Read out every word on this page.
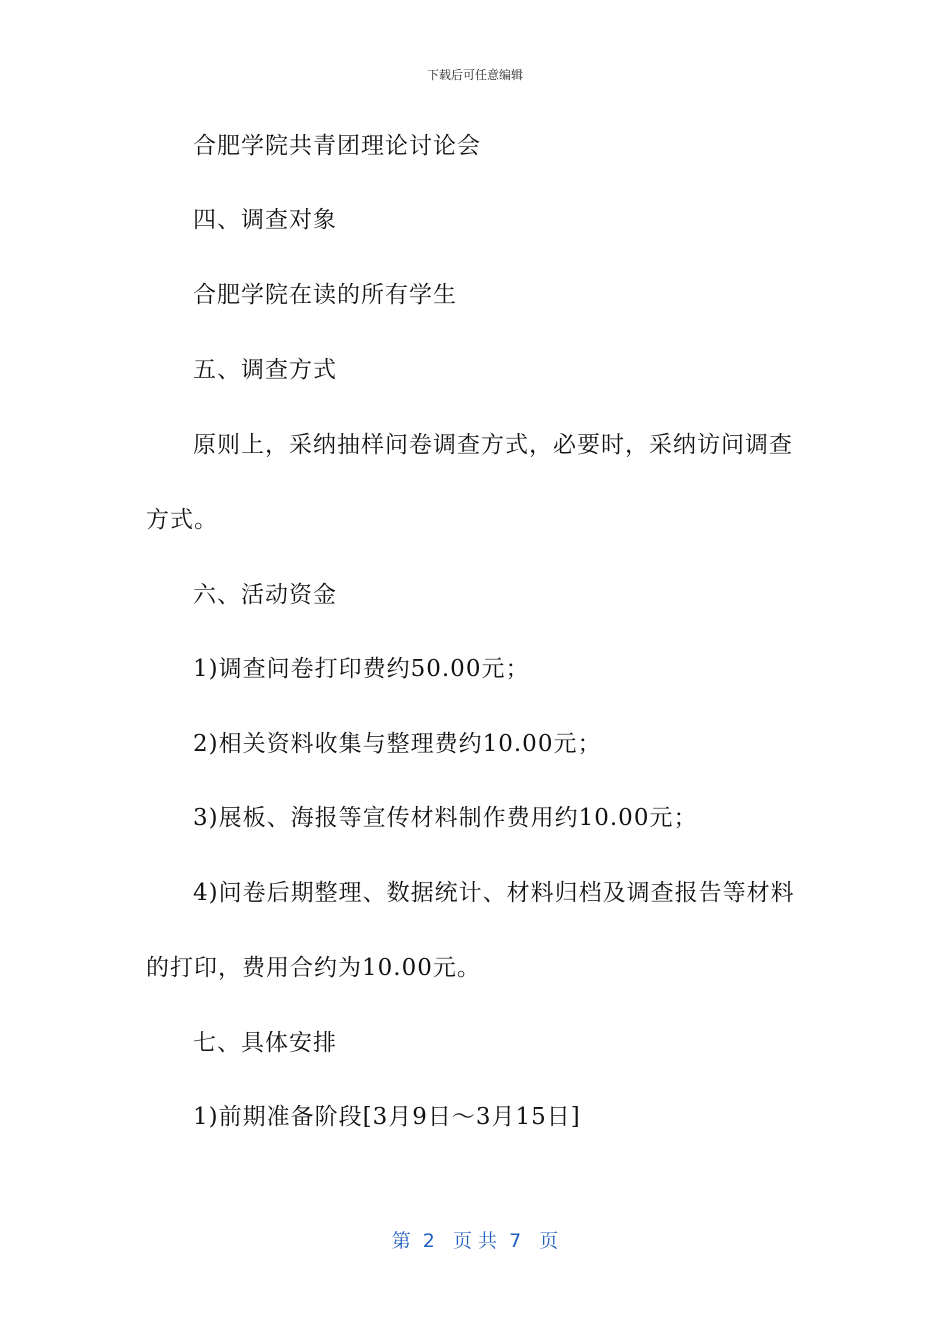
下载后可任意编辑
合肥学院共青团理论讨论会
四、调查对象
合肥学院在读的所有学生
五、调查方式
原则上，采纳抽样问卷调查方式，必要时，采纳访问调查
方式。
六、活动资金
1)调查问卷打印费约50.00元；
2)相关资料收集与整理费约10.00元；
3)展板、海报等宣传材料制作费用约10.00元；
4)问卷后期整理、数据统计、材料归档及调查报告等材料
的打印，费用合约为10.00元。
七、具体安排
1)前期准备阶段[3月9日～3月15日]
第  2   页 共  7   页
